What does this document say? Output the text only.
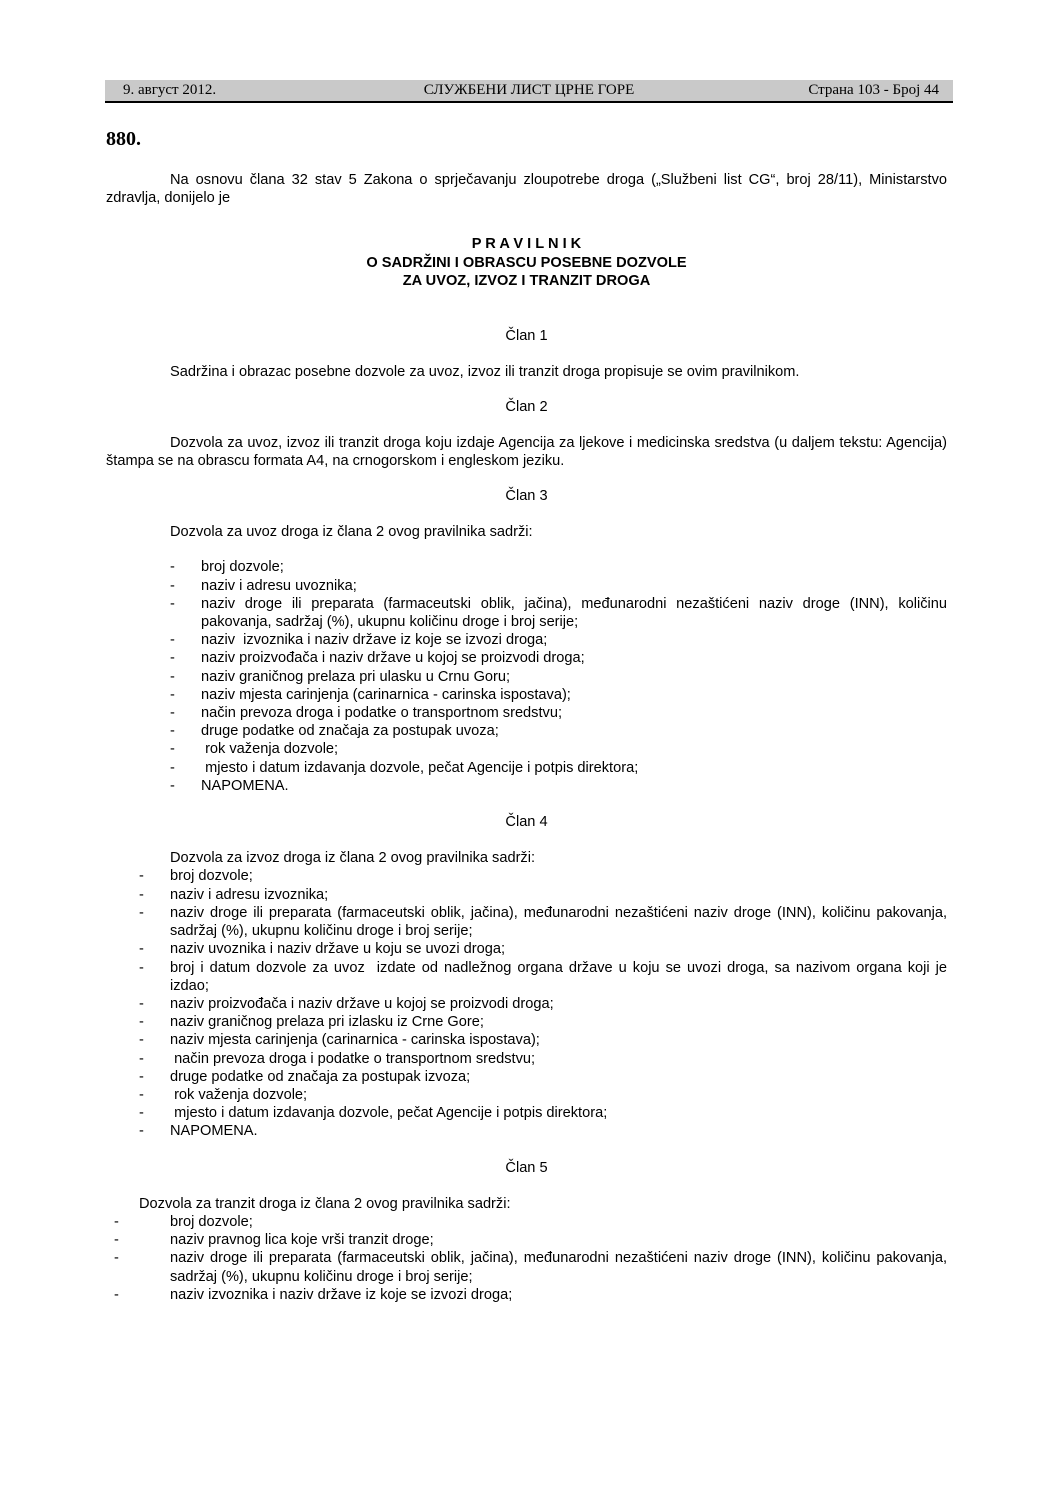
СЛУЖБЕНИ ЛИСТ ЦРНЕ ГОРЕ
9. август 2012.	Страна 103 - Број 44
880.

Na osnovu člana 32 stav 5 Zakona o sprječavanju zloupotrebe droga („Službeni list CG“, broj 28/11), Ministarstvo zdravlja, donijelo je

P R A V I L N I K
O SADRŽINI I OBRASCU POSEBNE DOZVOLE
ZA UVOZ, IZVOZ I TRANZIT DROGA

Član 1

Sadržina i obrazac posebne dozvole za uvoz, izvoz ili tranzit droga propisuje se ovim pravilnikom.

Član 2

Dozvola za uvoz, izvoz ili tranzit droga koju izdaje Agencija za ljekove i medicinska sredstva (u daljem tekstu: Agencija) štampa se na obrascu formata A4, na crnogorskom i engleskom jeziku.

Član 3

Dozvola za uvoz droga iz člana 2 ovog pravilnika sadrži:

- broj dozvole;
- naziv i adresu uvoznika;
- naziv droge ili preparata (farmaceutski oblik, jačina), međunarodni nezaštićeni naziv droge (INN), količinu pakovanja, sadržaj (%), ukupnu količinu droge i broj serije;
- naziv  izvoznika i naziv države iz koje se izvozi droga;
- naziv proizvođača i naziv države u kojoj se proizvodi droga;
- naziv graničnog prelaza pri ulasku u Crnu Goru;
- naziv mjesta carinjenja (carinarnica - carinska ispostava);
- način prevoza droga i podatke o transportnom sredstvu;
- druge podatke od značaja za postupak uvoza;
- rok važenja dozvole;
- mjesto i datum izdavanja dozvole, pečat Agencije i potpis direktora;
- NAPOMENA.

Član 4

Dozvola za izvoz droga iz člana 2 ovog pravilnika sadrži:

- broj dozvole;
- naziv i adresu izvoznika;
- naziv droge ili preparata (farmaceutski oblik, jačina), međunarodni nezaštićeni naziv droge (INN), količinu pakovanja, sadržaj (%), ukupnu količinu droge i broj serije;
- naziv uvoznika i naziv države u koju se uvozi droga;
- broj i datum dozvole za uvoz  izdate od nadležnog organa države u koju se uvozi droga, sa nazivom organa koji je izdao;
- naziv proizvođača i naziv države u kojoj se proizvodi droga;
- naziv graničnog prelaza pri izlasku iz Crne Gore;
- naziv mjesta carinjenja (carinarnica - carinska ispostava);
- način prevoza droga i podatke o transportnom sredstvu;
- druge podatke od značaja za postupak izvoza;
- rok važenja dozvole;
- mjesto i datum izdavanja dozvole, pečat Agencije i potpis direktora;
- NAPOMENA.

Član 5

Dozvola za tranzit droga iz člana 2 ovog pravilnika sadrži:

-	broj dozvole;
-	naziv pravnog lica koje vrši tranzit droge;
-	naziv droge ili preparata (farmaceutski oblik, jačina), međunarodni nezaštićeni naziv droge (INN), količinu pakovanja, sadržaj (%), ukupnu količinu droge i broj serije;
-	naziv izvoznika i naziv države iz koje se izvozi droga;
